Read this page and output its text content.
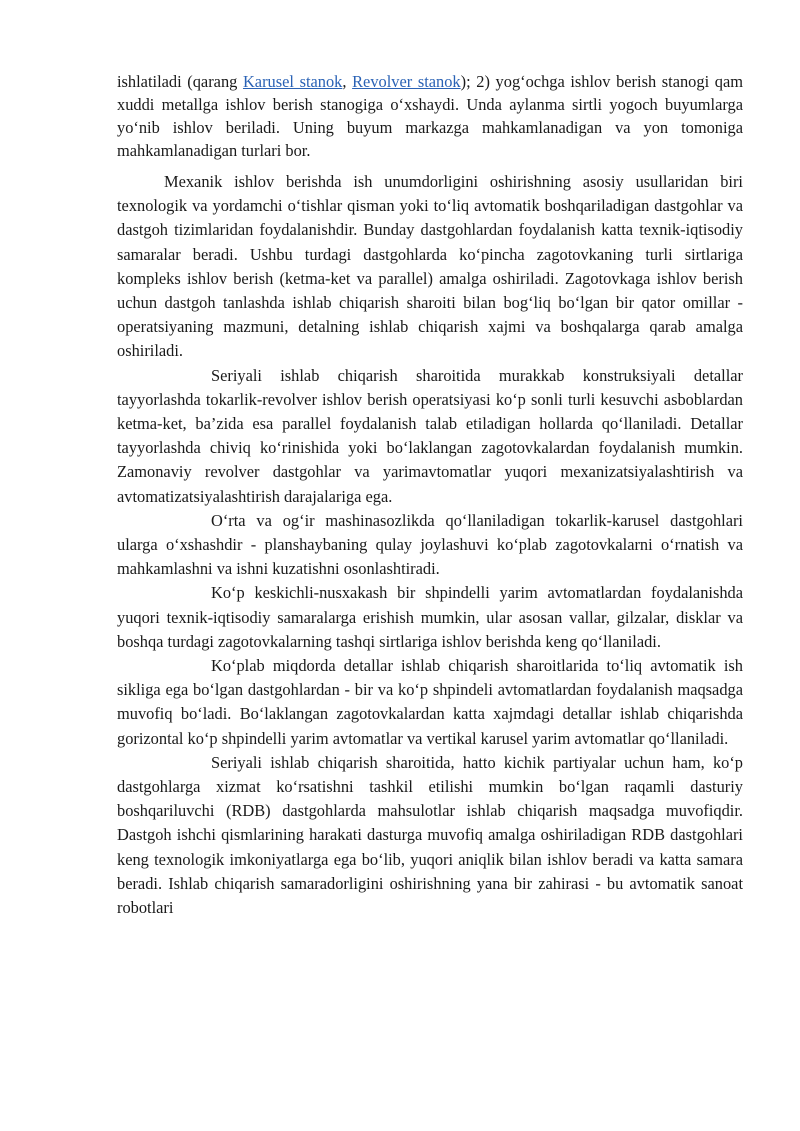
ishlatiladi (qarang Karusel stanok, Revolver stanok); 2) yog‘ochga ishlov berish stanogi qam xuddi metallga ishlov berish stanogiga o‘xshaydi. Unda aylanma sirtli yogoch buyumlarga yo‘nib ishlov beriladi. Uning buyum markazga mahkamlanadigan va yon tomoniga mahkamlanadigan turlari bor.

Mexanik ishlov berishda ish unumdorligini oshirishning asosiy usullaridan biri texnologik va yordamchi o‘tishlar qisman yoki to‘liq avtomatik boshqariladigan dastgohlar va dastgoh tizimlaridan foydalanishdir. Bunday dastgohlardan foydalanish katta texnik-iqtisodiy samaralar beradi. Ushbu turdagi dastgohlarda ko‘pincha zagotovkaning turli sirtlariga kompleks ishlov berish (ketma-ket va parallel) amalga oshiriladi. Zagotovkaga ishlov berish uchun dastgoh tanlashda ishlab chiqarish sharoiti bilan bog‘liq bo‘lgan bir qator omillar - operatsiyaning mazmuni, detalning ishlab chiqarish xajmi va boshqalarga qarab amalga oshiriladi.

Seriyali ishlab chiqarish sharoitida murakkab konstruksiyali detallar tayyorlashda tokarlik-revolver ishlov berish operatsiyasi ko‘p sonli turli kesuvchi asboblardan ketma-ket, ba’zida esa parallel foydalanish talab etiladigan hollarda qo‘llaniladi. Detallar tayyorlashda chiviq ko‘rinishida yoki bo‘laklangan zagotovkalardan foydalanish mumkin. Zamonaviy revolver dastgohlar va yarimavtomatlar yuqori mexanizatsiyalashtirish va avtomatizatsiyalashtirish darajalariga ega.

O‘rta va og‘ir mashinasozlikda qo‘llaniladigan tokarlik-karusel dastgohlari ularga o‘xshashdir - planshaybaning qulay joylashuvi ko‘plab zagotovkalarni o‘rnatish va mahkamlashni va ishni kuzatishni osonlashtiradi.

Ko‘p keskichli-nusxakash bir shpindelli yarim avtomatlardan foydalanishda yuqori texnik-iqtisodiy samaralarga erishish mumkin, ular asosan vallar, gilzalar, disklar va boshqa turdagi zagotovkalarning tashqi sirtlariga ishlov berishda keng qo‘llaniladi.

Ko‘plab miqdorda detallar ishlab chiqarish sharoitlarida to‘liq avtomatik ish sikliga ega bo‘lgan dastgohlardan - bir va ko‘p shpindeli avtomatlardan foydalanish maqsadga muvofiq bo‘ladi. Bo‘laklangan zagotovkalardan katta xajmdagi detallar ishlab chiqarishda gorizontal ko‘p shpindelli yarim avtomatlar va vertikal karusel yarim avtomatlar qo‘llaniladi.

Seriyali ishlab chiqarish sharoitida, hatto kichik partiyalar uchun ham, ko‘p dastgohlarga xizmat ko‘rsatishni tashkil etilishi mumkin bo‘lgan raqamli dasturiy boshqariluvchi (RDB) dastgohlarda mahsulotlar ishlab chiqarish maqsadga muvofiqdir. Dastgoh ishchi qismlarining harakati dasturga muvofiq amalga oshiriladigan RDB dastgohlari keng texnologik imkoniyatlarga ega bo‘lib, yuqori aniqlik bilan ishlov beradi va katta samara beradi. Ishlab chiqarish samaradorligini oshirishning yana bir zahirasi - bu avtomatik sanoat robotlari
